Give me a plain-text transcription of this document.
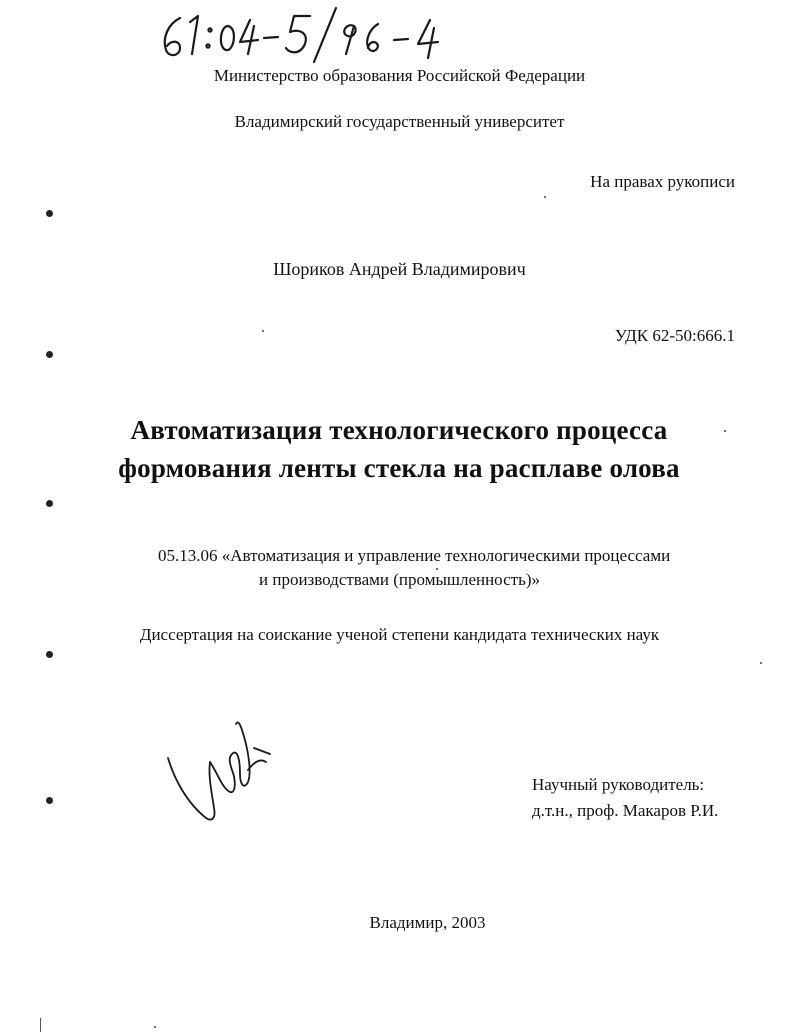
Министерство образования Российской Федерации
Владимирский государственный университет
На правах рукописи
Шориков Андрей Владимирович
УДК 62-50:666.1
Автоматизация технологического процесса
формования ленты стекла на расплаве олова
05.13.06 «Автоматизация и управление технологическими процессами
и производствами (промышленность)»
Диссертация на соискание ученой степени кандидата технических наук
Научный руководитель:
д.т.н., проф. Макаров Р.И.
Владимир, 2003
